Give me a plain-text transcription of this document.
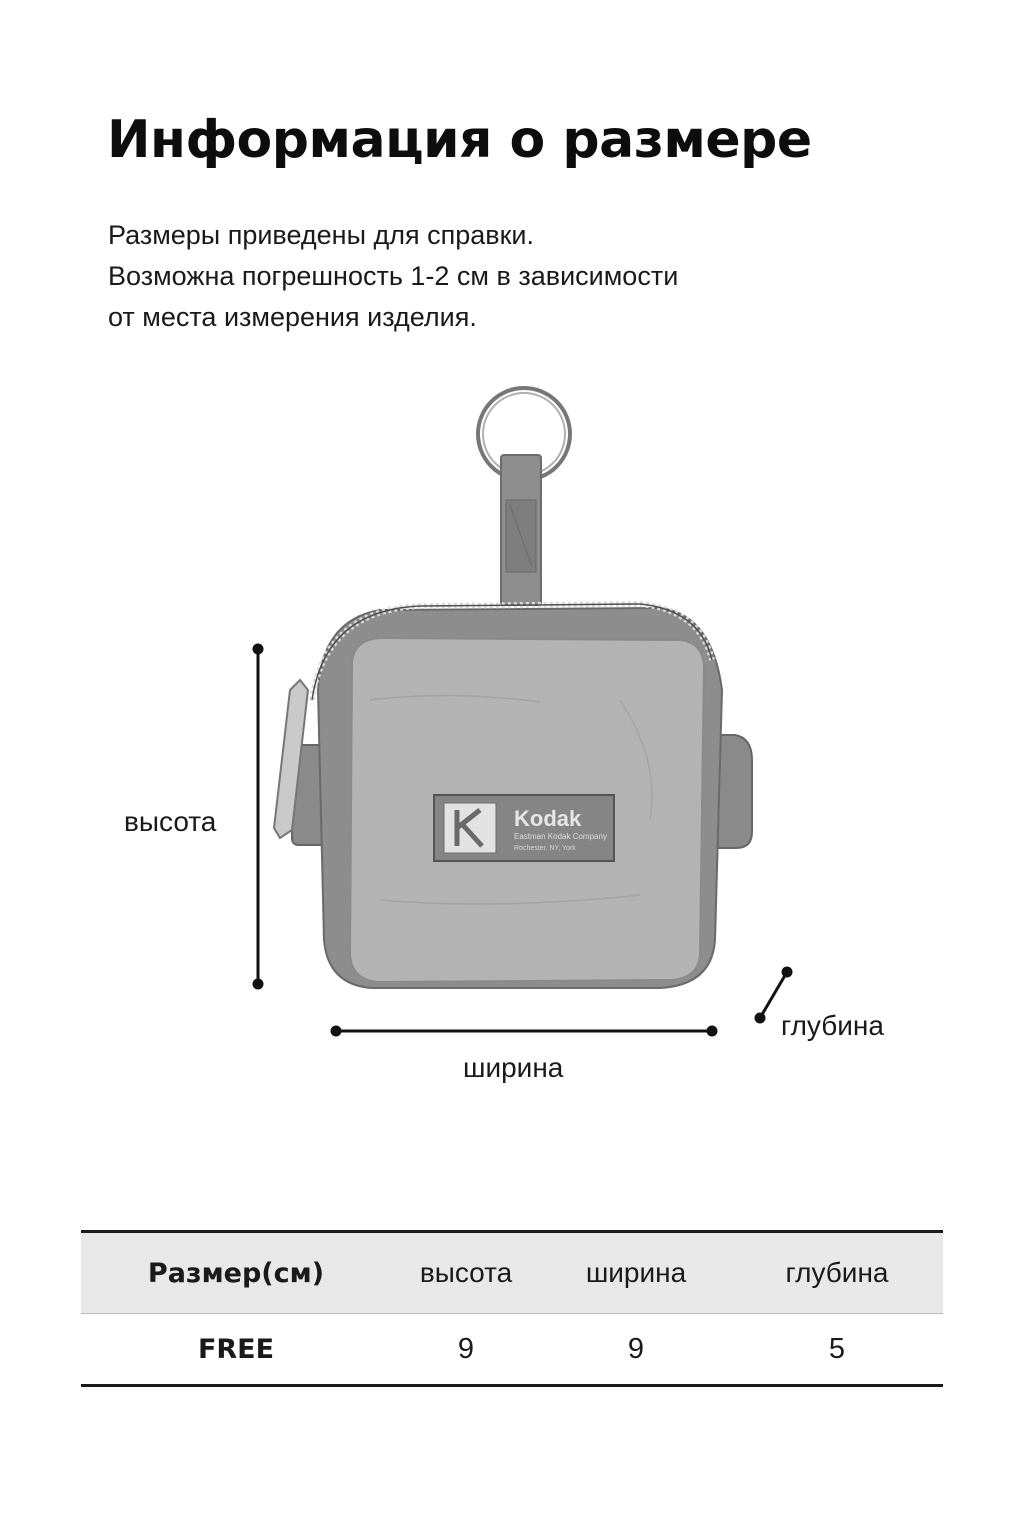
Информация о размере
Размеры приведены для справки.
Возможна погрешность 1-2 см в зависимости
от места измерения изделия.
Kodak
Eastman Kodak Company
Rochester, NY, York
высота
ширина
глубина
Размер(см)	высота	ширина	глубина
FREE	9	9	5
